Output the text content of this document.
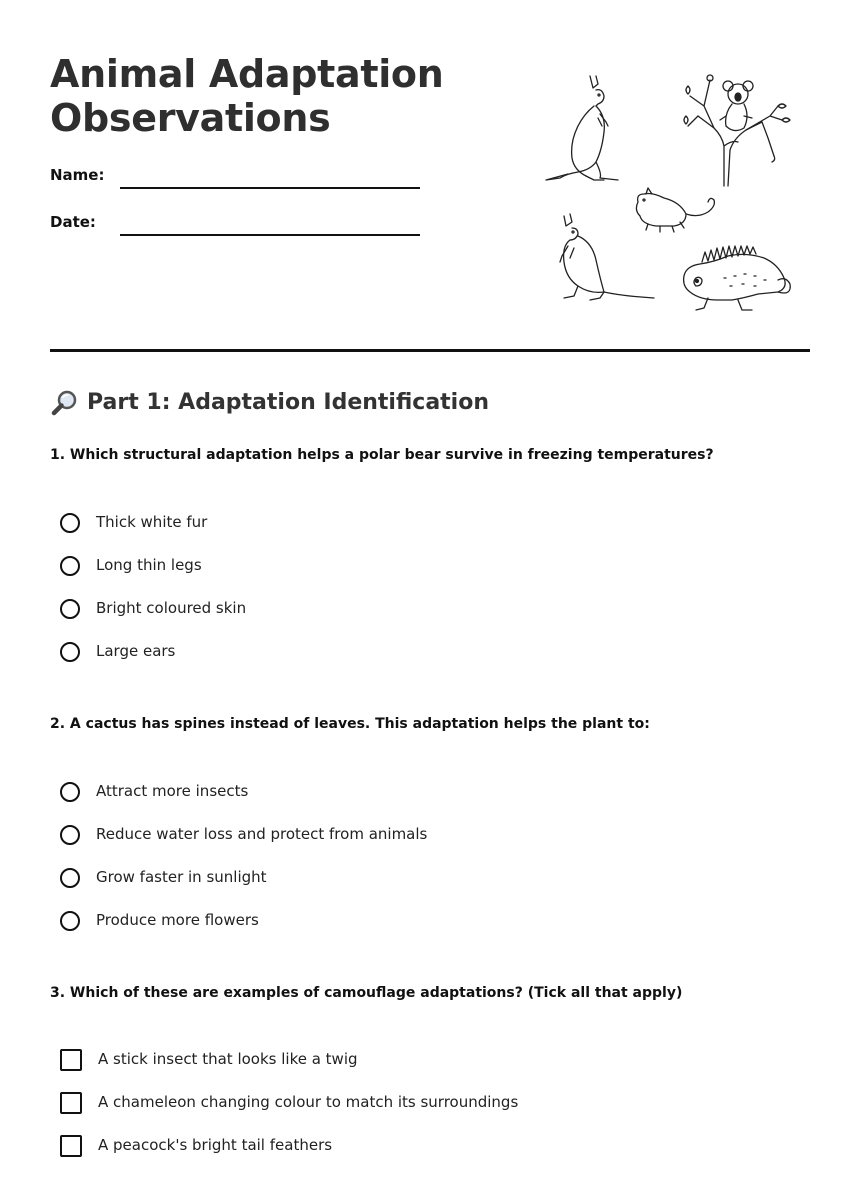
Animal Adaptation
Observations
Name:
Date:
Part 1: Adaptation Identification

1. Which structural adaptation helps a polar bear survive in freezing temperatures?

Thick white fur
Long thin legs
Bright coloured skin
Large ears

2. A cactus has spines instead of leaves. This adaptation helps the plant to:

Attract more insects
Reduce water loss and protect from animals
Grow faster in sunlight
Produce more flowers

3. Which of these are examples of camouflage adaptations? (Tick all that apply)

A stick insect that looks like a twig
A chameleon changing colour to match its surroundings
A peacock's bright tail feathers
